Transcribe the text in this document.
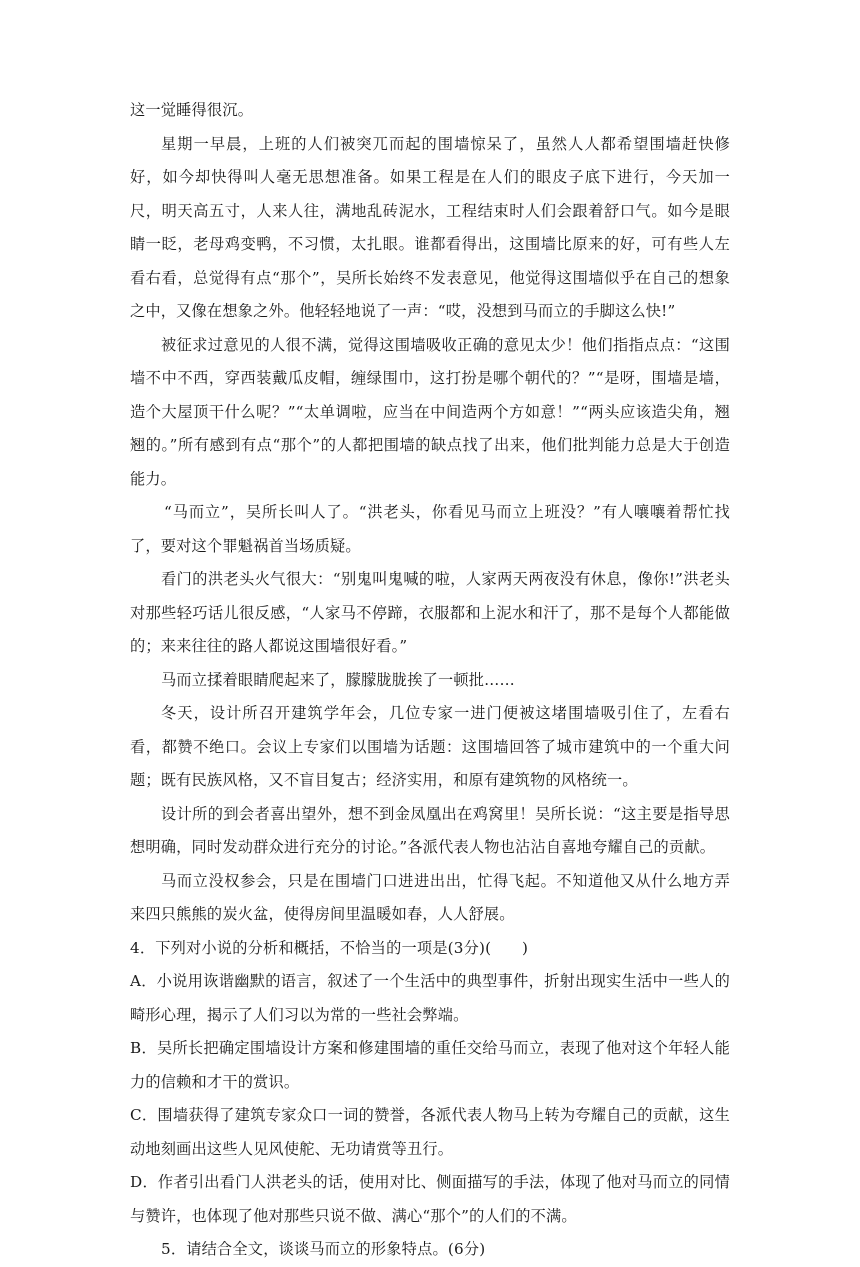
这一觉睡得很沉。

星期一早晨，上班的人们被突兀而起的围墙惊呆了，虽然人人都希望围墙赶快修好，如今却快得叫人毫无思想准备。如果工程是在人们的眼皮子底下进行，今天加一尺，明天高五寸，人来人往，满地乱砖泥水，工程结束时人们会跟着舒口气。如今是眼睛一眨，老母鸡变鸭，不习惯，太扎眼。谁都看得出，这围墙比原来的好，可有些人左看右看，总觉得有点“那个”，吴所长始终不发表意见，他觉得这围墙似乎在自己的想象之中，又像在想象之外。他轻轻地说了一声：“哎，没想到马而立的手脚这么快!”

被征求过意见的人很不满，觉得这围墙吸收正确的意见太少！他们指指点点：“这围墙不中不西，穿西装戴瓜皮帽，缠绿围巾，这打扮是哪个朝代的？”“是呀，围墙是墙，造个大屋顶干什么呢？”“太单调啦，应当在中间造两个方如意！”“两头应该造尖角，翘翘的。”所有感到有点“那个”的人都把围墙的缺点找了出来，他们批判能力总是大于创造能力。

“马而立”，吴所长叫人了。“洪老头，你看见马而立上班没？”有人嚷嚷着帮忙找了，要对这个罪魁祸首当场质疑。

看门的洪老头火气很大：“别鬼叫鬼喊的啦，人家两天两夜没有休息，像你!”洪老头对那些轻巧话儿很反感，“人家马不停蹄，衣服都和上泥水和汗了，那不是每个人都能做的；来来往往的路人都说这围墙很好看。”

马而立揉着眼睛爬起来了，朦朦胧胧挨了一顿批……

冬天，设计所召开建筑学年会，几位专家一进门便被这堵围墙吸引住了，左看右看，都赞不绝口。会议上专家们以围墙为话题：这围墙回答了城市建筑中的一个重大问题；既有民族风格，又不盲目复古；经济实用，和原有建筑物的风格统一。

设计所的到会者喜出望外，想不到金凤凰出在鸡窝里！吴所长说：“这主要是指导思想明确，同时发动群众进行充分的讨论。”各派代表人物也沾沾自喜地夸耀自己的贡献。

马而立没权参会，只是在围墙门口进进出出，忙得飞起。不知道他又从什么地方弄来四只熊熊的炭火盆，使得房间里温暖如春，人人舒展。

4．下列对小说的分析和概括，不恰当的一项是(3分)(　　)

A．小说用诙谐幽默的语言，叙述了一个生活中的典型事件，折射出现实生活中一些人的畸形心理，揭示了人们习以为常的一些社会弊端。

B．吴所长把确定围墙设计方案和修建围墙的重任交给马而立，表现了他对这个年轻人能力的信赖和才干的赏识。

C．围墙获得了建筑专家众口一词的赞誉，各派代表人物马上转为夸耀自己的贡献，这生动地刻画出这些人见风使舵、无功请赏等丑行。

D．作者引出看门人洪老头的话，使用对比、侧面描写的手法，体现了他对马而立的同情与赞许，也体现了他对那些只说不做、满心“那个”的人们的不满。

5．请结合全文，谈谈马而立的形象特点。(6分)
